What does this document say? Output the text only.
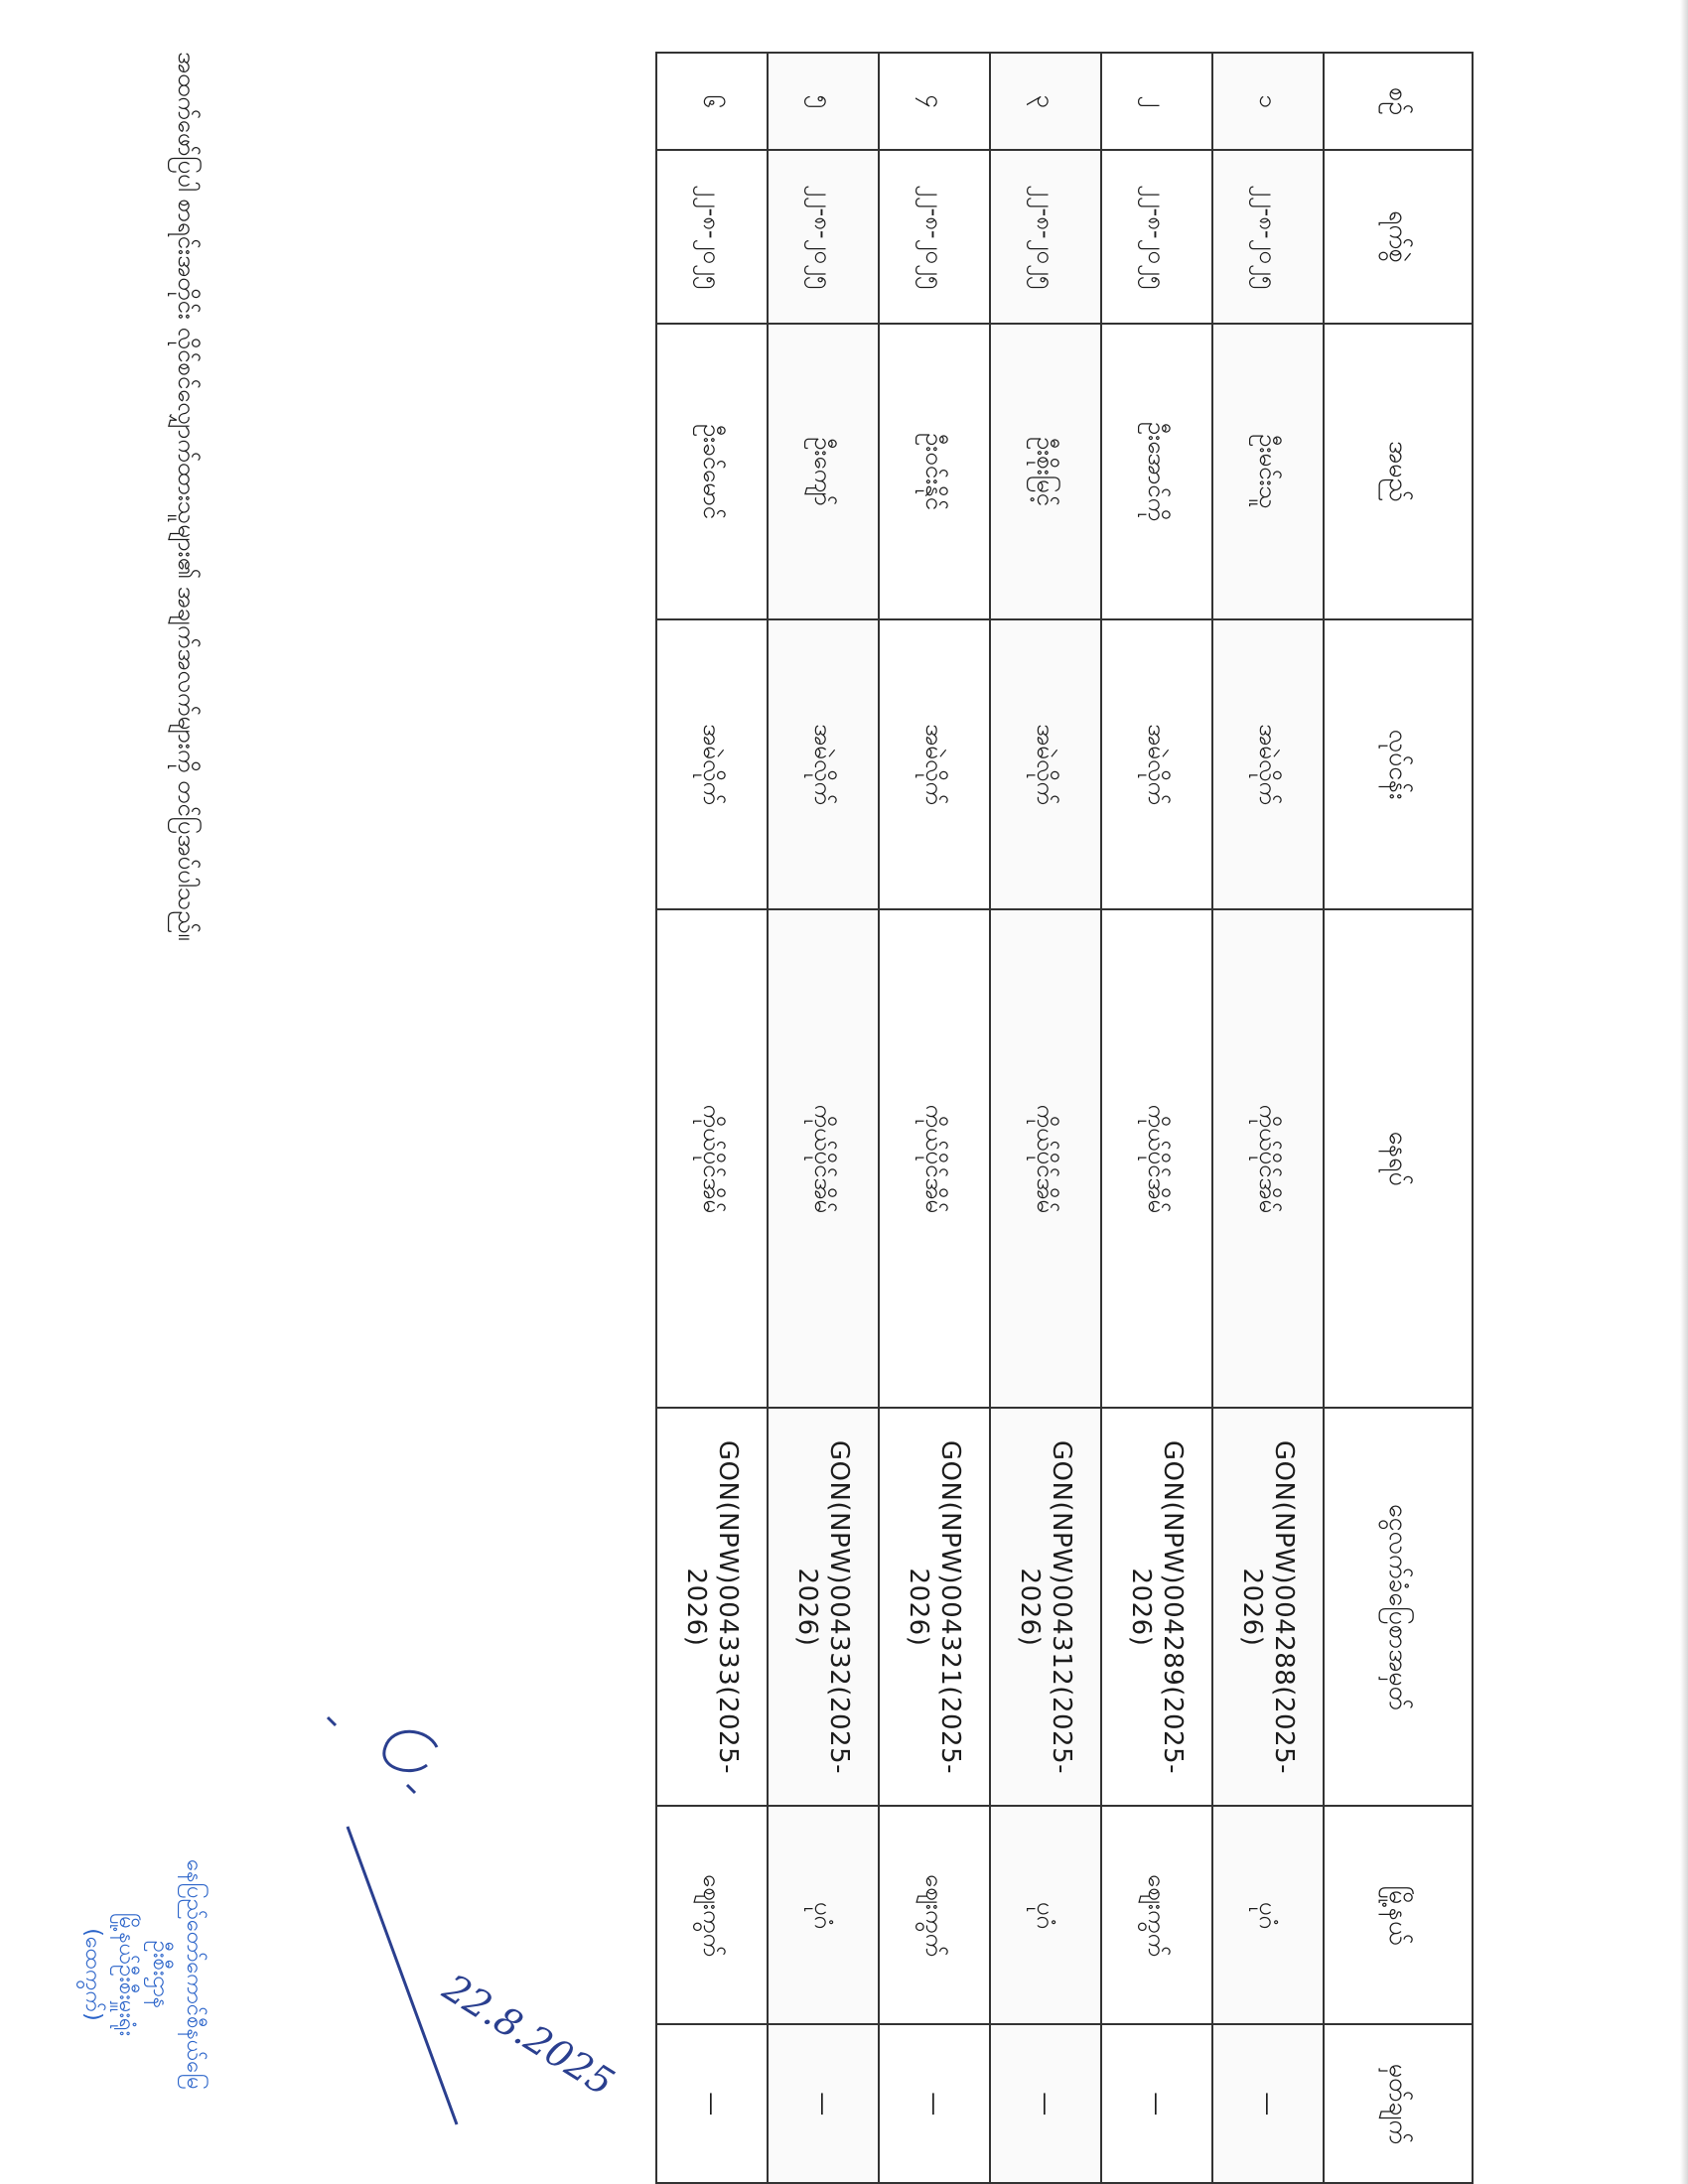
စဉ်	ရက်စွဲ	အမည်	လုပ်ငန်း	နေရပ်	ငွေလက်ခံပြေစာအမှတ်	မြို့နယ်	မှတ်ချက်
၁	၂၂-၈-၂၀၂၅	ဦးမင်းသူ	အမဲလိုက်	ကိုယ်ပိုင်အိမ်	GON(NPW)004288(2025-2026)	ပုဂံ	—
၂	၂၂-၈-၂၀၂၅	ဦးအောင်ကို	အမဲလိုက်	ကိုယ်ပိုင်အိမ်	GON(NPW)004289(2025-2026)	ဈေးကွက်	—
၃	၂၂-၈-၂၀၂၅	ဦးစိုးမြင့်	အမဲလိုက်	ကိုယ်ပိုင်အိမ်	GON(NPW)004312(2025-2026)	ပုဂံ	—
၄	၂၂-၈-၂၀၂၅	ဦးဝင်းနိုင်	အမဲလိုက်	ကိုယ်ပိုင်အိမ်	GON(NPW)004321(2025-2026)	ဈေးကွက်	—
၅	၂၂-၈-၂၀၂၅	ဦးကျော်	အမဲလိုက်	ကိုယ်ပိုင်အိမ်	GON(NPW)004332(2025-2026)	ပုဂံ	—
၆	၂၂-၈-၂၀၂၅	ဦးခင်မောင်	အမဲလိုက်	ကိုယ်ပိုင်အိမ်	GON(NPW)004333(2025-2026)	ဈေးကွက်	—
အထက်ဖော်ပြပါ စာရင်းအတိုင်း လိုင်စင်လျှောက်ထားသူများ၏ အချက်အလက်များကို တင်ပြအပ်ပါသည်။
22.8.2025
နေပြည်တော်ကောင်စီနယ်မြေ
ဦးစီးဌာန
မြို့နယ်ဦးစီးမှူးရုံး
(ထေကွက်)
